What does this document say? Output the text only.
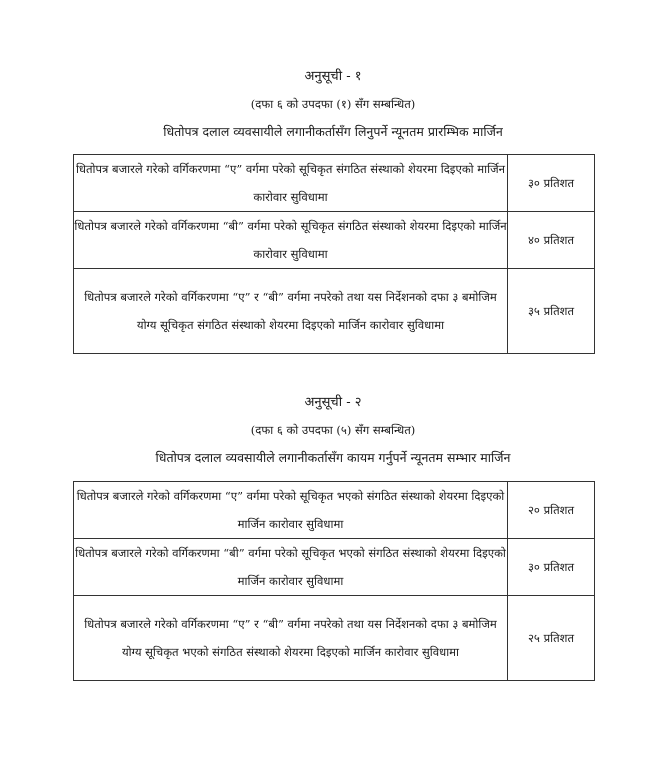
अनुसूची - १

(दफा ६ को उपदफा (१) सँग सम्बन्धित)

धितोपत्र दलाल व्यवसायीले लगानीकर्तासँग लिनुपर्ने न्यूनतम प्रारम्भिक मार्जिन

धितोपत्र बजारले गरेको वर्गिकरणमा “ए” वर्गमा परेको सूचिकृत संगठित संस्थाको शेयरमा दिइएको मार्जिन कारोवार सुविधामा	३० प्रतिशत
धितोपत्र बजारले गरेको वर्गिकरणमा “बी” वर्गमा परेको सूचिकृत संगठित संस्थाको शेयरमा दिइएको मार्जिन कारोवार सुविधामा	४० प्रतिशत
धितोपत्र बजारले गरेको वर्गिकरणमा “ए” र “बी” वर्गमा नपरेको तथा यस निर्देशनको दफा ३ बमोजिम योग्य सूचिकृत संगठित संस्थाको शेयरमा दिइएको मार्जिन कारोवार सुविधामा	३५ प्रतिशत

अनुसूची - २

(दफा ६ को उपदफा (५) सँग सम्बन्धित)

धितोपत्र दलाल व्यवसायीले लगानीकर्तासँग कायम गर्नुपर्ने न्यूनतम सम्भार मार्जिन

धितोपत्र बजारले गरेको वर्गिकरणमा “ए” वर्गमा परेको सूचिकृत भएको संगठित संस्थाको शेयरमा दिइएको मार्जिन कारोवार सुविधामा	२० प्रतिशत
धितोपत्र बजारले गरेको वर्गिकरणमा “बी” वर्गमा परेको सूचिकृत भएको संगठित संस्थाको शेयरमा दिइएको मार्जिन कारोवार सुविधामा	३० प्रतिशत
धितोपत्र बजारले गरेको वर्गिकरणमा “ए” र “बी” वर्गमा नपरेको तथा यस निर्देशनको दफा ३ बमोजिम योग्य सूचिकृत भएको संगठित संस्थाको शेयरमा दिइएको मार्जिन कारोवार सुविधामा	२५ प्रतिशत
